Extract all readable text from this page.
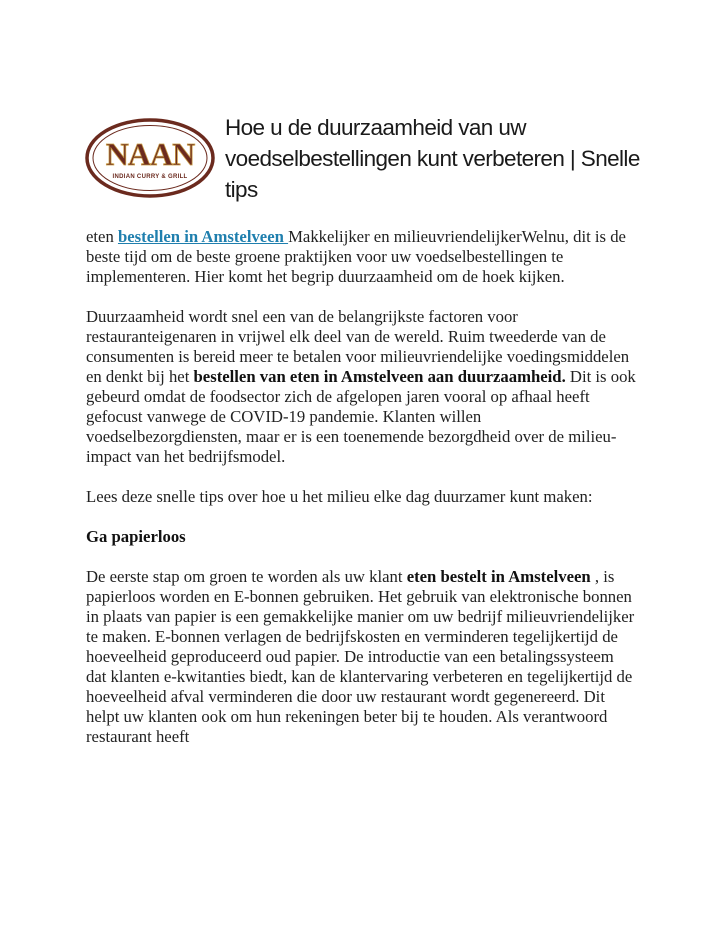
NAAN
INDIAN CURRY & GRILL
Hoe u de duurzaamheid van uw voedselbestellingen kunt verbeteren | Snelle tips

eten bestellen in Amstelveen Makkelijker en milieuvriendelijkerWelnu, dit is de beste tijd om de beste groene praktijken voor uw voedselbestellingen te implementeren. Hier komt het begrip duurzaamheid om de hoek kijken.

Duurzaamheid wordt snel een van de belangrijkste factoren voor restauranteigenaren in vrijwel elk deel van de wereld. Ruim tweederde van de consumenten is bereid meer te betalen voor milieuvriendelijke voedingsmiddelen en denkt bij het bestellen van eten in Amstelveen aan duurzaamheid. Dit is ook gebeurd omdat de foodsector zich de afgelopen jaren vooral op afhaal heeft gefocust vanwege de COVID-19 pandemie. Klanten willen voedselbezorgdiensten, maar er is een toenemende bezorgdheid over de milieu-impact van het bedrijfsmodel.

Lees deze snelle tips over hoe u het milieu elke dag duurzamer kunt maken:

Ga papierloos

De eerste stap om groen te worden als uw klant eten bestelt in Amstelveen , is papierloos worden en E-bonnen gebruiken. Het gebruik van elektronische bonnen in plaats van papier is een gemakkelijke manier om uw bedrijf milieuvriendelijker te maken. E-bonnen verlagen de bedrijfskosten en verminderen tegelijkertijd de hoeveelheid geproduceerd oud papier. De introductie van een betalingssysteem dat klanten e-kwitanties biedt, kan de klantervaring verbeteren en tegelijkertijd de hoeveelheid afval verminderen die door uw restaurant wordt gegenereerd. Dit helpt uw klanten ook om hun rekeningen beter bij te houden. Als verantwoord restaurant heeft
